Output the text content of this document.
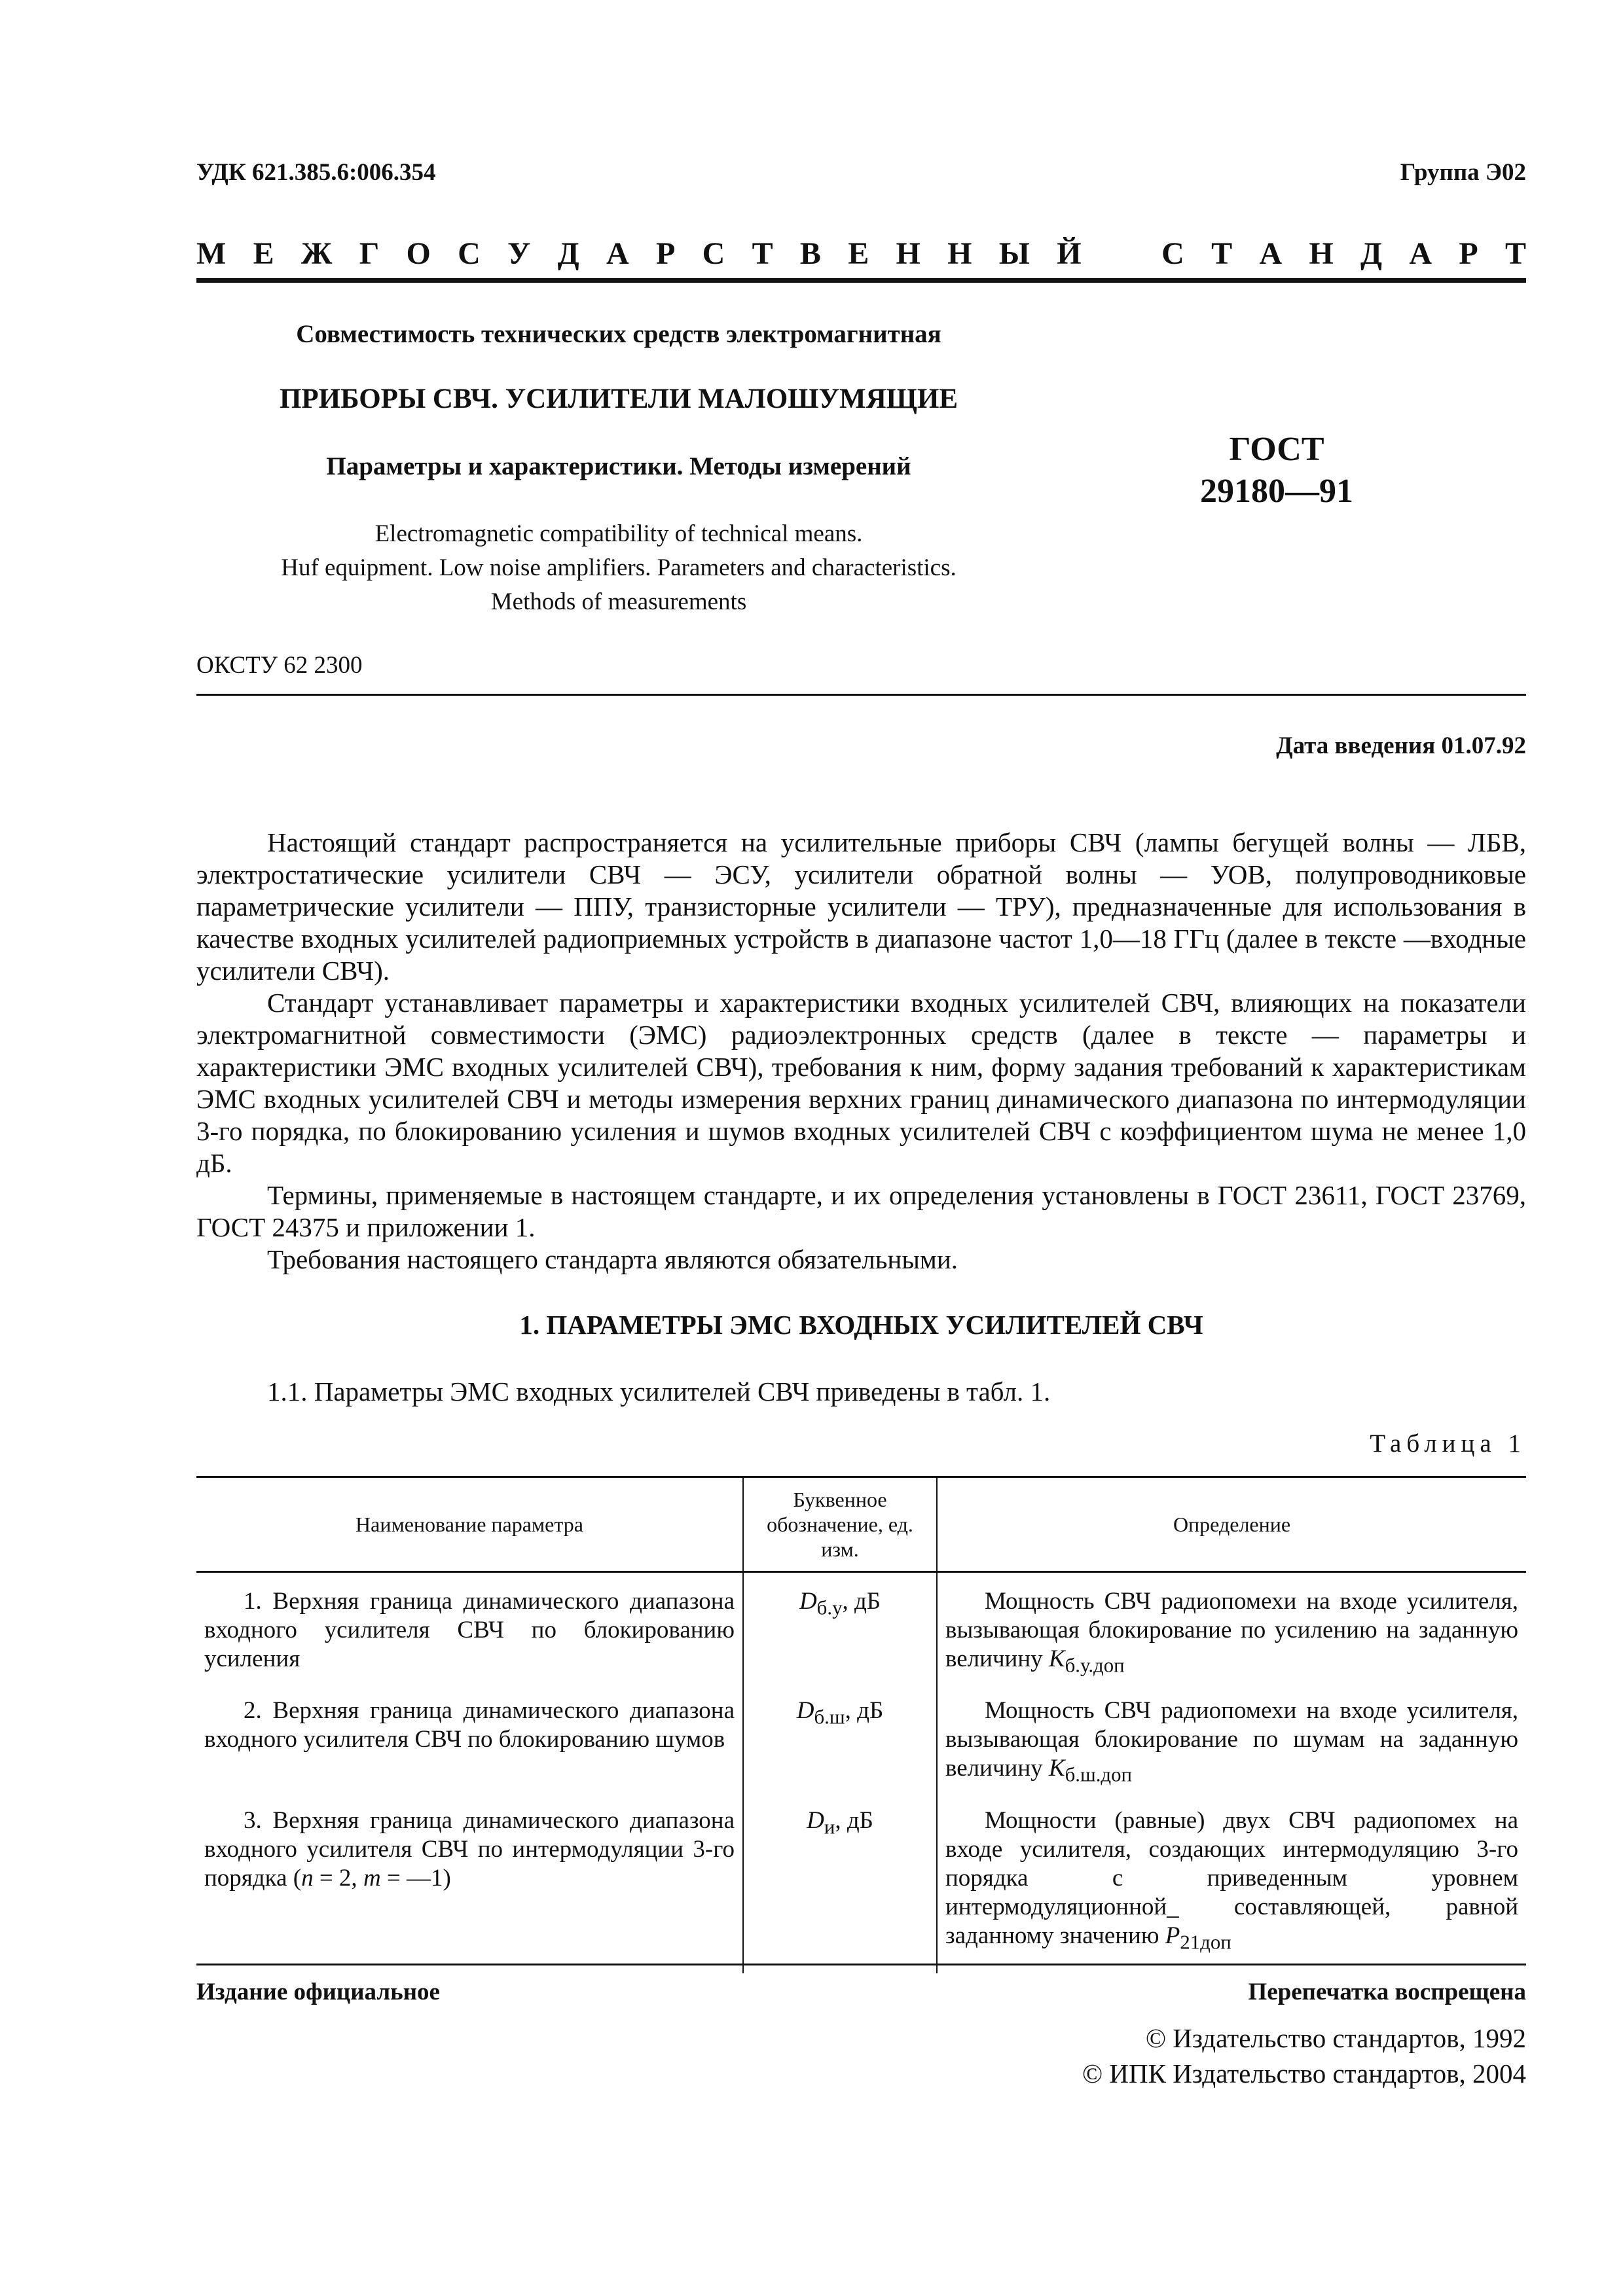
УДК 621.385.6:006.354	Группа Э02
М Е Ж Г О С У Д А Р С Т В Е Н Н Ы Й	С Т А Н Д А Р Т
Совместимость технических средств электромагнитная
ПРИБОРЫ СВЧ. УСИЛИТЕЛИ МАЛОШУМЯЩИЕ
Параметры и характеристики. Методы измерений
Electromagnetic compatibility of technical means.
Huf equipment. Low noise amplifiers. Parameters and characteristics.
Methods of measurements
ГОСТ
29180—91
ОКСТУ 62 2300
Дата введения 01.07.92

Настоящий стандарт распространяется на усилительные приборы СВЧ (лампы бегущей волны — ЛБВ, электростатические усилители СВЧ — ЭСУ, усилители обратной волны — УОВ, полупроводниковые параметрические усилители — ППУ, транзисторные усилители — ТРУ), предназначенные для использования в качестве входных усилителей радиоприемных устройств в диапазоне частот 1,0—18 ГГц (далее в тексте —входные усилители СВЧ).

Стандарт устанавливает параметры и характеристики входных усилителей СВЧ, влияющих на показатели электромагнитной совместимости (ЭМС) радиоэлектронных средств (далее в тексте — параметры и характеристики ЭМС входных усилителей СВЧ), требования к ним, форму задания требований к характеристикам ЭМС входных усилителей СВЧ и методы измерения верхних границ динамического диапазона по интермодуляции 3-го порядка, по блокированию усиления и шумов входных усилителей СВЧ с коэффициентом шума не менее 1,0 дБ.

Термины, применяемые в настоящем стандарте, и их определения установлены в ГОСТ 23611, ГОСТ 23769, ГОСТ 24375 и приложении 1.

Требования настоящего стандарта являются обязательными.

1. ПАРАМЕТРЫ ЭМС ВХОДНЫХ УСИЛИТЕЛЕЙ СВЧ
1.1. Параметры ЭМС входных усилителей СВЧ приведены в табл. 1.
Таблица 1
Наименование параметра	Буквенное обозначение, ед. изм.	Определение
1. Верхняя граница динамического диапазона входного усилителя СВЧ по блокированию усиления	$D_{б.у}$, дБ	Мощность СВЧ радиопомехи на входе усилителя, вызывающая блокирование по усилению на заданную величину $K_{б.у.доп}$
2. Верхняя граница динамического диапазона входного усилителя СВЧ по блокированию шумов	$D_{б.ш}$, дБ	Мощность СВЧ радиопомехи на входе усилителя, вызывающая блокирование по шумам на заданную величину $K_{б.ш.доп}$
3. Верхняя граница динамического диапазона входного усилителя СВЧ по интермодуляции 3-го порядка (n = 2, m = —1)	$D_и$, дБ	Мощности (равные) двух СВЧ радиопомех на входе усилителя, создающих интермодуляцию 3-го порядка с приведенным уровнем интермодуляционной_ составляющей, равной заданному значению $P_{21доп}$
Издание официальное	Перепечатка воспрещена
© Издательство стандартов, 1992
© ИПК Издательство стандартов, 2004
